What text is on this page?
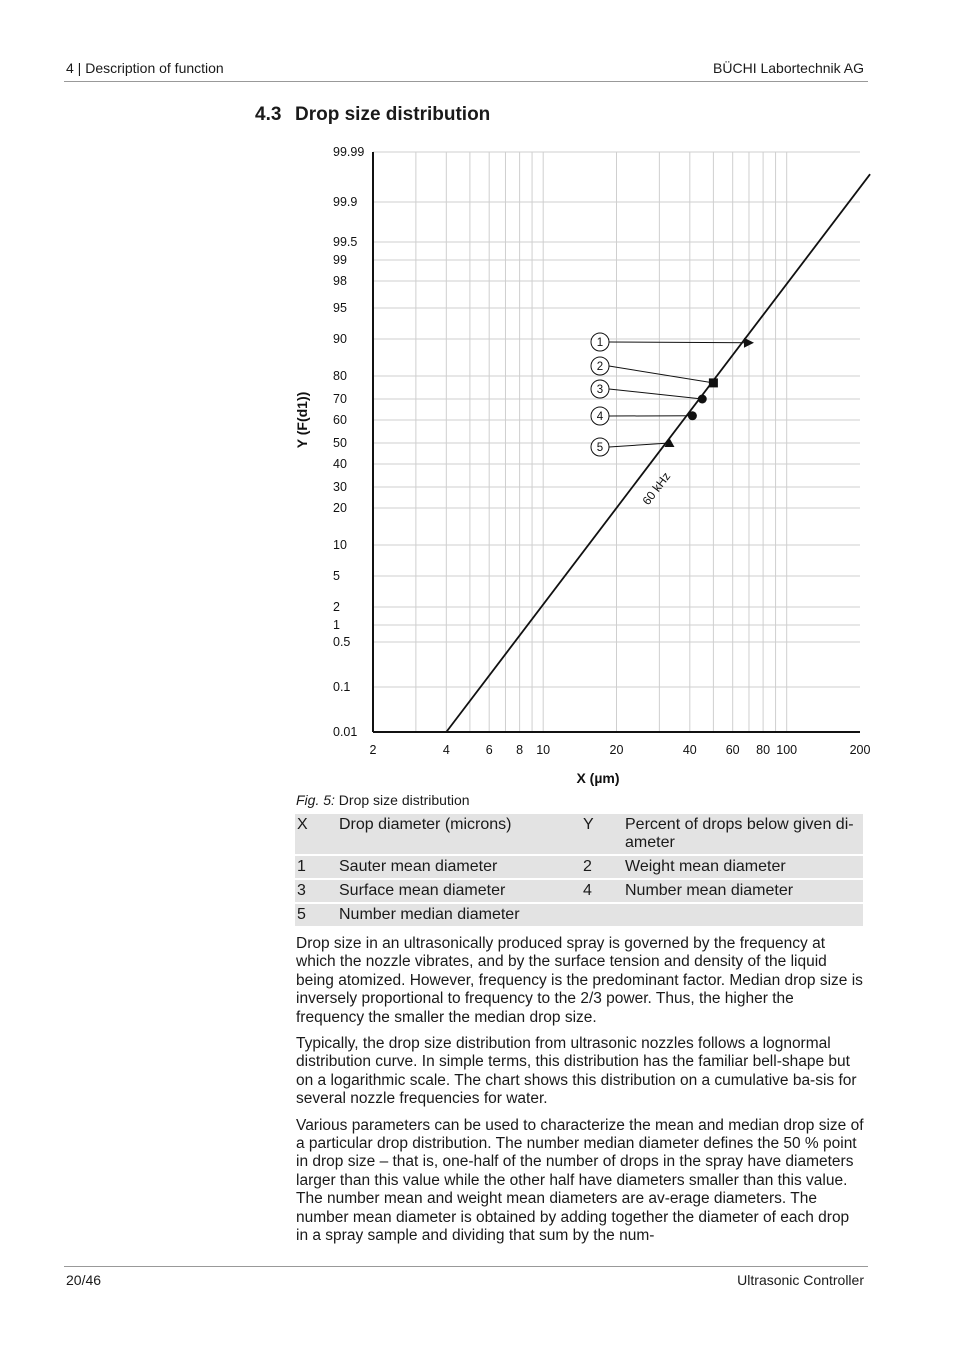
4 | Description of function	BÜCHI Labortechnik AG
4.3 Drop size distribution
0.01
0.1
0.5
1
2
5
10
20
30
40
50
60
70
80
90
95
98
99
99.5
99.9
99.99
2	4	6 8 10	20	40 60 80 100	200
X (µm)
Y (F(d1))
60 kHz
1
2
3
4
5
Fig. 5: Drop size distribution
X	Drop diameter (microns)	Y	Percent of drops below given di-ameter
1	Sauter mean diameter	2	Weight mean diameter
3	Surface mean diameter	4	Number mean diameter
5	Number median diameter		

Drop size in an ultrasonically produced spray is governed by the frequency at which the nozzle vibrates, and by the surface tension and density of the liquid being atomized. However, frequency is the predominant factor. Median drop size is inversely proportional to frequency to the 2/3 power. Thus, the higher the frequency the smaller the median drop size.

Typically, the drop size distribution from ultrasonic nozzles follows a lognormal distribution curve. In simple terms, this distribution has the familiar bell-shape but on a logarithmic scale. The chart shows this distribution on a cumulative ba-sis for several nozzle frequencies for water.

Various parameters can be used to characterize the mean and median drop size of a particular drop distribution. The number median diameter defines the 50 % point in drop size – that is, one-half of the number of drops in the spray have diameters larger than this value while the other half have diameters smaller than this value. The number mean and weight mean diameters are av-erage diameters. The number mean diameter is obtained by adding together the diameter of each drop in a spray sample and dividing that sum by the num-

20/46	Ultrasonic Controller
